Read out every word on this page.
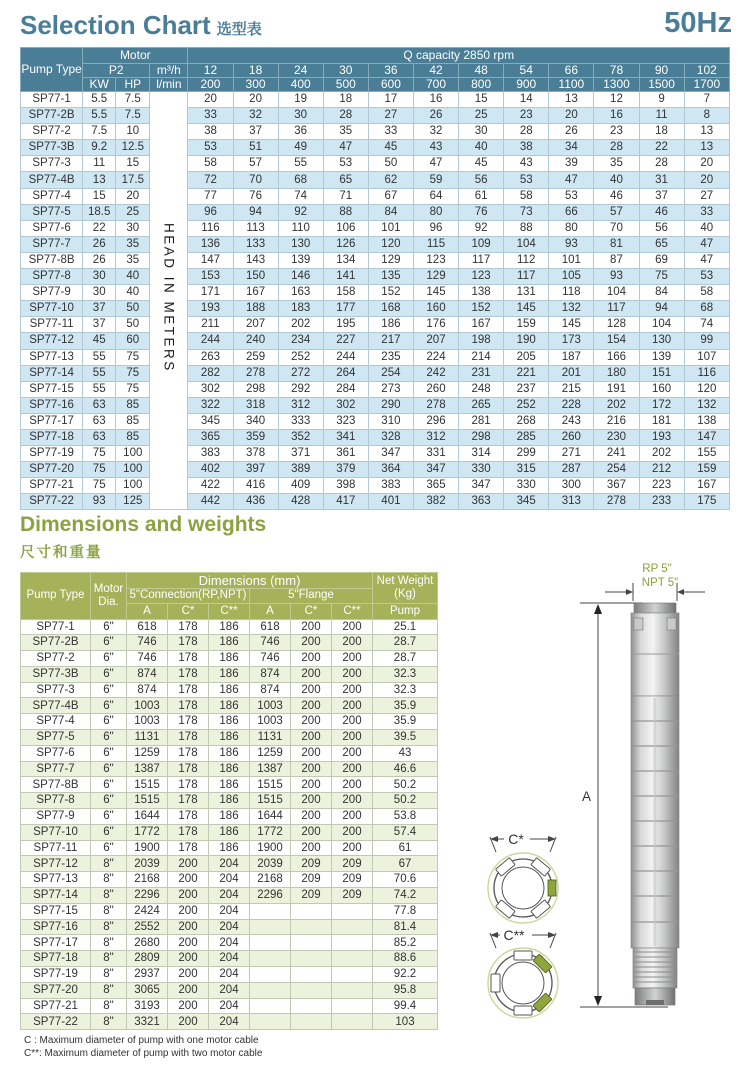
Selection Chart 选型表	50Hz
Pump Type	Motor			Q capacity 2850 rpm											
	P2		m³/h	12	18	24	30	36	42	48	54	66	78	90	102
	KW	HP	l/min	200	300	400	500	600	700	800	900	1100	1300	1500	1700
SP77-1	5.5	7.5	HEAD IN METERS	20	20	19	18	17	16	15	14	13	12	9	7
SP77-2B	5.5	7.5		33	32	30	28	27	26	25	23	20	16	11	8
SP77-2	7.5	10		38	37	36	35	33	32	30	28	26	23	18	13
SP77-3B	9.2	12.5		53	51	49	47	45	43	40	38	34	28	22	13
SP77-3	11	15		58	57	55	53	50	47	45	43	39	35	28	20
SP77-4B	13	17.5		72	70	68	65	62	59	56	53	47	40	31	20
SP77-4	15	20		77	76	74	71	67	64	61	58	53	46	37	27
SP77-5	18.5	25		96	94	92	88	84	80	76	73	66	57	46	33
SP77-6	22	30		116	113	110	106	101	96	92	88	80	70	56	40
SP77-7	26	35		136	133	130	126	120	115	109	104	93	81	65	47
SP77-8B	26	35		147	143	139	134	129	123	117	112	101	87	69	47
SP77-8	30	40		153	150	146	141	135	129	123	117	105	93	75	53
SP77-9	30	40		171	167	163	158	152	145	138	131	118	104	84	58
SP77-10	37	50		193	188	183	177	168	160	152	145	132	117	94	68
SP77-11	37	50		211	207	202	195	186	176	167	159	145	128	104	74
SP77-12	45	60		244	240	234	227	217	207	198	190	173	154	130	99
SP77-13	55	75		263	259	252	244	235	224	214	205	187	166	139	107
SP77-14	55	75		282	278	272	264	254	242	231	221	201	180	151	116
SP77-15	55	75		302	298	292	284	273	260	248	237	215	191	160	120
SP77-16	63	85		322	318	312	302	290	278	265	252	228	202	172	132
SP77-17	63	85		345	340	333	323	310	296	281	268	243	216	181	138
SP77-18	63	85		365	359	352	341	328	312	298	285	260	230	193	147
SP77-19	75	100		383	378	371	361	347	331	314	299	271	241	202	155
SP77-20	75	100		402	397	389	379	364	347	330	315	287	254	212	159
SP77-21	75	100		422	416	409	398	383	365	347	330	300	367	223	167
SP77-22	93	125		442	436	428	417	401	382	363	345	313	278	233	175
Dimensions and weights
尺寸和重量
Pump Type	Motor Dia.	Dimensions (mm)						Net Weight (Kg)
		5"Connection(RP,NPT)			5"Flange			
		A	C*	C**	A	C*	C**	Pump
SP77-1	6"	618	178	186	618	200	200	25.1
SP77-2B	6"	746	178	186	746	200	200	28.7
SP77-2	6"	746	178	186	746	200	200	28.7
SP77-3B	6"	874	178	186	874	200	200	32.3
SP77-3	6"	874	178	186	874	200	200	32.3
SP77-4B	6"	1003	178	186	1003	200	200	35.9
SP77-4	6"	1003	178	186	1003	200	200	35.9
SP77-5	6"	1131	178	186	1131	200	200	39.5
SP77-6	6"	1259	178	186	1259	200	200	43
SP77-7	6"	1387	178	186	1387	200	200	46.6
SP77-8B	6"	1515	178	186	1515	200	200	50.2
SP77-8	6"	1515	178	186	1515	200	200	50.2
SP77-9	6"	1644	178	186	1644	200	200	53.8
SP77-10	6"	1772	178	186	1772	200	200	57.4
SP77-11	6"	1900	178	186	1900	200	200	61
SP77-12	8"	2039	200	204	2039	209	209	67
SP77-13	8"	2168	200	204	2168	209	209	70.6
SP77-14	8"	2296	200	204	2296	209	209	74.2
SP77-15	8"	2424	200	204				77.8
SP77-16	8"	2552	200	204				81.4
SP77-17	8"	2680	200	204				85.2
SP77-18	8"	2809	200	204				88.6
SP77-19	8"	2937	200	204				92.2
SP77-20	8"	3065	200	204				95.8
SP77-21	8"	3193	200	204				99.4
SP77-22	8"	3321	200	204				103
C : Maximum diameter of pump with one motor cable
C**: Maximum diameter of pump with two motor cable
RP 5"
NPT 5"
A
C*
C**
